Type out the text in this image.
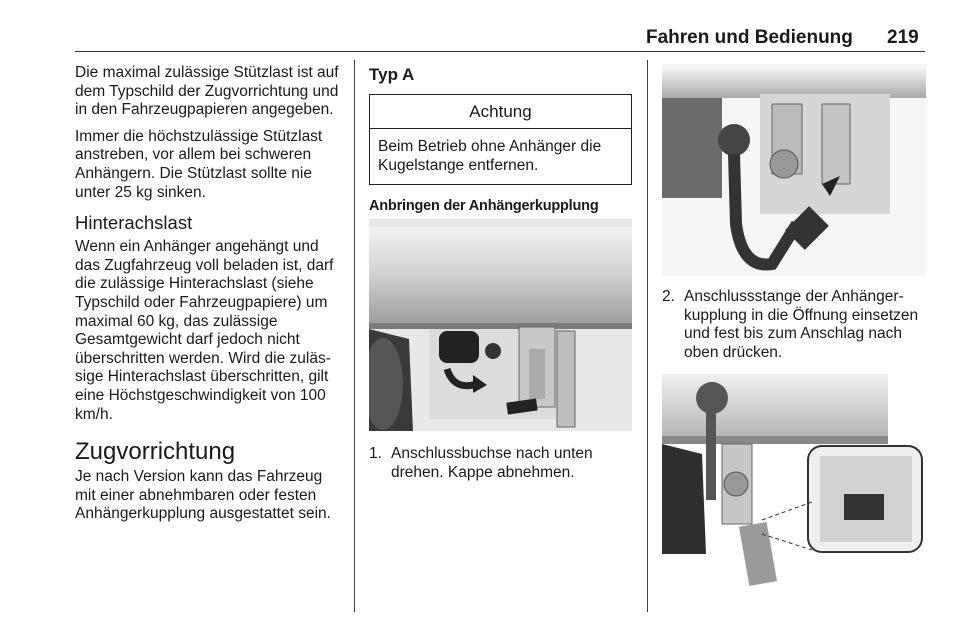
Fahren und Bedienung 219

Die maximal zulässige Stützlast ist auf dem Typschild der Zugvorrichtung und in den Fahrzeugpapieren angegeben.

Immer die höchstzulässige Stützlast anstreben, vor allem bei schweren Anhängern. Die Stützlast sollte nie unter 25 kg sinken.

Hinterachslast

Wenn ein Anhänger angehängt und das Zugfahrzeug voll beladen ist, darf die zulässige Hinterachslast (siehe Typschild oder Fahrzeugpapiere) um maximal 60 kg, das zulässige Gesamtgewicht darf jedoch nicht überschritten werden. Wird die zulässige Hinterachslast überschritten, gilt eine Höchstgeschwindigkeit von 100 km/h.

Zugvorrichtung

Je nach Version kann das Fahrzeug mit einer abnehmbaren oder festen Anhängerkupplung ausgestattet sein.

Typ A
Achtung
Beim Betrieb ohne Anhänger die Kugelstange entfernen.
Anbringen der Anhängerkupplung
1. Anschlussbuchse nach unten drehen. Kappe abnehmen.
2. Anschlussstange der Anhängerkupplung in die Öffnung einsetzen und fest bis zum Anschlag nach oben drücken.
